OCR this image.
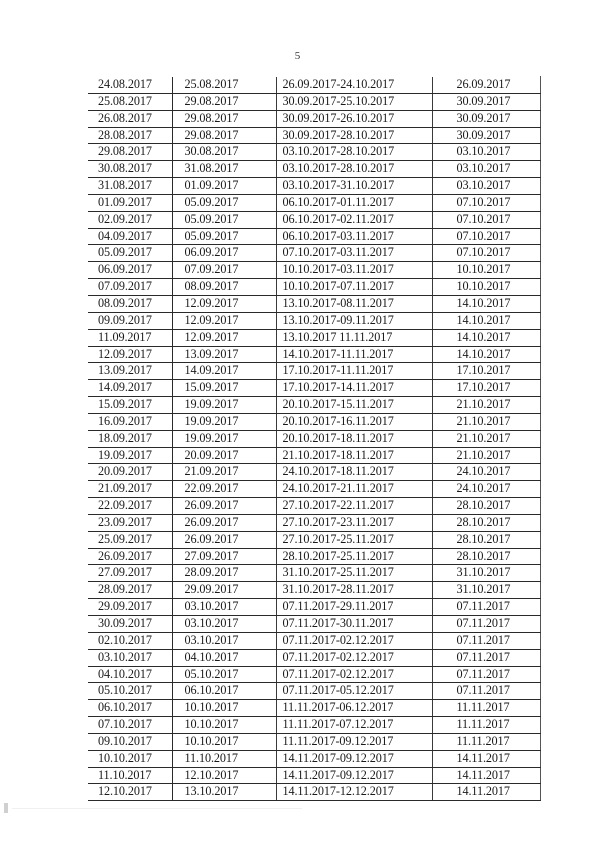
5
24.08.2017	25.08.2017	26.09.2017-24.10.2017	26.09.2017
25.08.2017	29.08.2017	30.09.2017-25.10.2017	30.09.2017
26.08.2017	29.08.2017	30.09.2017-26.10.2017	30.09.2017
28.08.2017	29.08.2017	30.09.2017-28.10.2017	30.09.2017
29.08.2017	30.08.2017	03.10.2017-28.10.2017	03.10.2017
30.08.2017	31.08.2017	03.10.2017-28.10.2017	03.10.2017
31.08.2017	01.09.2017	03.10.2017-31.10.2017	03.10.2017
01.09.2017	05.09.2017	06.10.2017-01.11.2017	07.10.2017
02.09.2017	05.09.2017	06.10.2017-02.11.2017	07.10.2017
04.09.2017	05.09.2017	06.10.2017-03.11.2017	07.10.2017
05.09.2017	06.09.2017	07.10.2017-03.11.2017	07.10.2017
06.09.2017	07.09.2017	10.10.2017-03.11.2017	10.10.2017
07.09.2017	08.09.2017	10.10.2017-07.11.2017	10.10.2017
08.09.2017	12.09.2017	13.10.2017-08.11.2017	14.10.2017
09.09.2017	12.09.2017	13.10.2017-09.11.2017	14.10.2017
11.09.2017	12.09.2017	13.10.2017 11.11.2017	14.10.2017
12.09.2017	13.09.2017	14.10.2017-11.11.2017	14.10.2017
13.09.2017	14.09.2017	17.10.2017-11.11.2017	17.10.2017
14.09.2017	15.09.2017	17.10.2017-14.11.2017	17.10.2017
15.09.2017	19.09.2017	20.10.2017-15.11.2017	21.10.2017
16.09.2017	19.09.2017	20.10.2017-16.11.2017	21.10.2017
18.09.2017	19.09.2017	20.10.2017-18.11.2017	21.10.2017
19.09.2017	20.09.2017	21.10.2017-18.11.2017	21.10.2017
20.09.2017	21.09.2017	24.10.2017-18.11.2017	24.10.2017
21.09.2017	22.09.2017	24.10.2017-21.11.2017	24.10.2017
22.09.2017	26.09.2017	27.10.2017-22.11.2017	28.10.2017
23.09.2017	26.09.2017	27.10.2017-23.11.2017	28.10.2017
25.09.2017	26.09.2017	27.10.2017-25.11.2017	28.10.2017
26.09.2017	27.09.2017	28.10.2017-25.11.2017	28.10.2017
27.09.2017	28.09.2017	31.10.2017-25.11.2017	31.10.2017
28.09.2017	29.09.2017	31.10.2017-28.11.2017	31.10.2017
29.09.2017	03.10.2017	07.11.2017-29.11.2017	07.11.2017
30.09.2017	03.10.2017	07.11.2017-30.11.2017	07.11.2017
02.10.2017	03.10.2017	07.11.2017-02.12.2017	07.11.2017
03.10.2017	04.10.2017	07.11.2017-02.12.2017	07.11.2017
04.10.2017	05.10.2017	07.11.2017-02.12.2017	07.11.2017
05.10.2017	06.10.2017	07.11.2017-05.12.2017	07.11.2017
06.10.2017	10.10.2017	11.11.2017-06.12.2017	11.11.2017
07.10.2017	10.10.2017	11.11.2017-07.12.2017	11.11.2017
09.10.2017	10.10.2017	11.11.2017-09.12.2017	11.11.2017
10.10.2017	11.10.2017	14.11.2017-09.12.2017	14.11.2017
11.10.2017	12.10.2017	14.11.2017-09.12.2017	14.11.2017
12.10.2017	13.10.2017	14.11.2017-12.12.2017	14.11.2017
